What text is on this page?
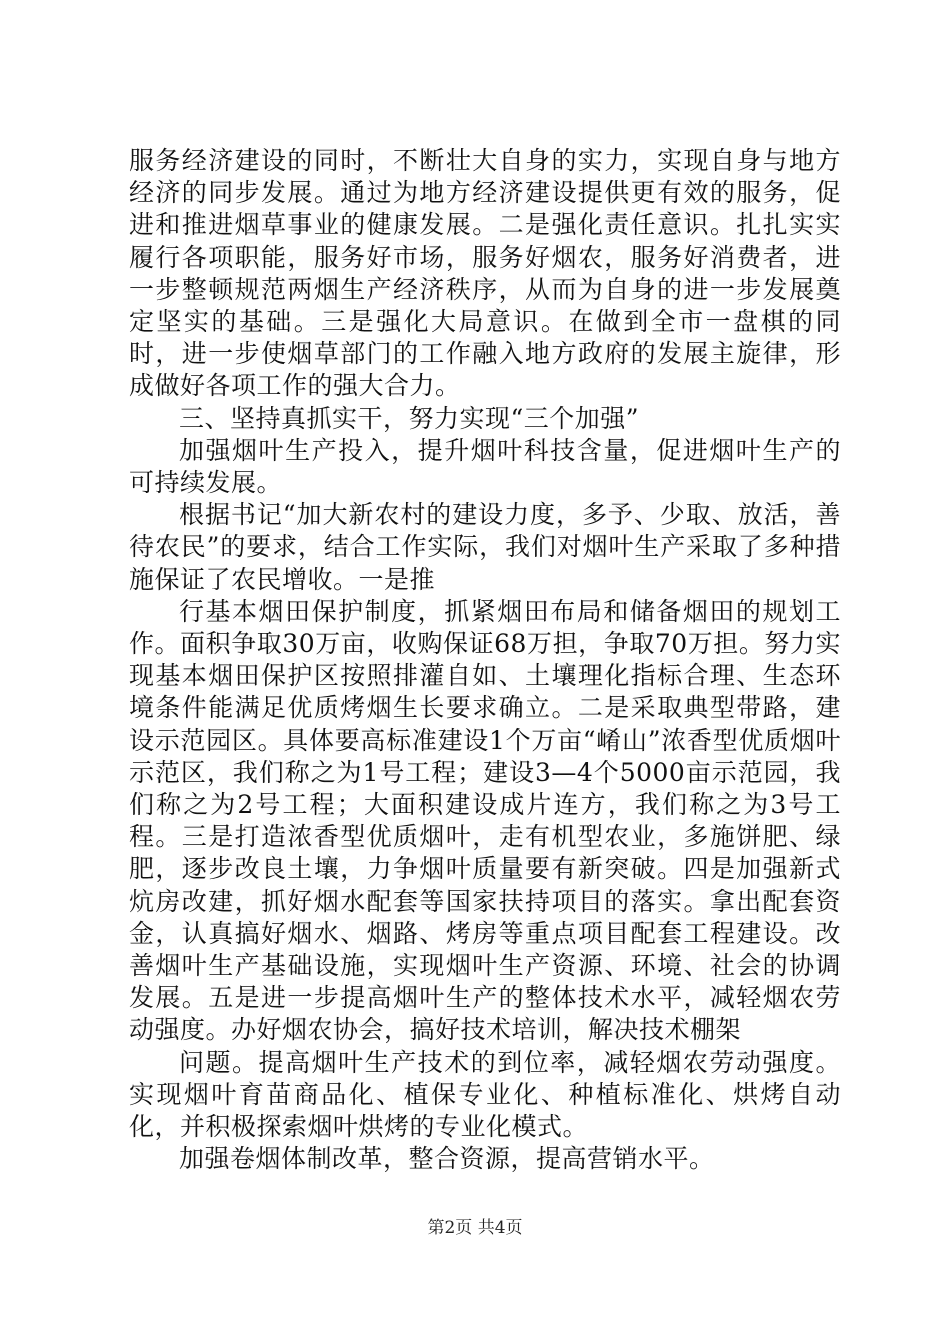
服务经济建设的同时，不断壮大自身的实力，实现自身与地方经济的同步发展。通过为地方经济建设提供更有效的服务，促进和推进烟草事业的健康发展。二是强化责任意识。扎扎实实履行各项职能，服务好市场，服务好烟农，服务好消费者，进一步整顿规范两烟生产经济秩序，从而为自身的进一步发展奠定坚实的基础。三是强化大局意识。在做到全市一盘棋的同时，进一步使烟草部门的工作融入地方政府的发展主旋律，形成做好各项工作的强大合力。

三、坚持真抓实干，努力实现“三个加强”

加强烟叶生产投入，提升烟叶科技含量，促进烟叶生产的可持续发展。

根据书记“加大新农村的建设力度，多予、少取、放活，善待农民”的要求，结合工作实际，我们对烟叶生产采取了多种措施保证了农民增收。一是推

行基本烟田保护制度，抓紧烟田布局和储备烟田的规划工作。面积争取30万亩，收购保证68万担，争取70万担。努力实现基本烟田保护区按照排灌自如、土壤理化指标合理、生态环境条件能满足优质烤烟生长要求确立。二是采取典型带路，建设示范园区。具体要高标准建设1个万亩“崤山”浓香型优质烟叶示范区，我们称之为1号工程；建设3—4个5000亩示范园，我们称之为2号工程；大面积建设成片连方，我们称之为3号工程。三是打造浓香型优质烟叶，走有机型农业，多施饼肥、绿肥，逐步改良土壤，力争烟叶质量要有新突破。四是加强新式炕房改建，抓好烟水配套等国家扶持项目的落实。拿出配套资金，认真搞好烟水、烟路、烤房等重点项目配套工程建设。改善烟叶生产基础设施，实现烟叶生产资源、环境、社会的协调发展。五是进一步提高烟叶生产的整体技术水平，减轻烟农劳动强度。办好烟农协会，搞好技术培训，解决技术棚架

问题。提高烟叶生产技术的到位率，减轻烟农劳动强度。实现烟叶育苗商品化、植保专业化、种植标准化、烘烤自动化，并积极探索烟叶烘烤的专业化模式。

加强卷烟体制改革，整合资源，提高营销水平。

第2页 共4页
